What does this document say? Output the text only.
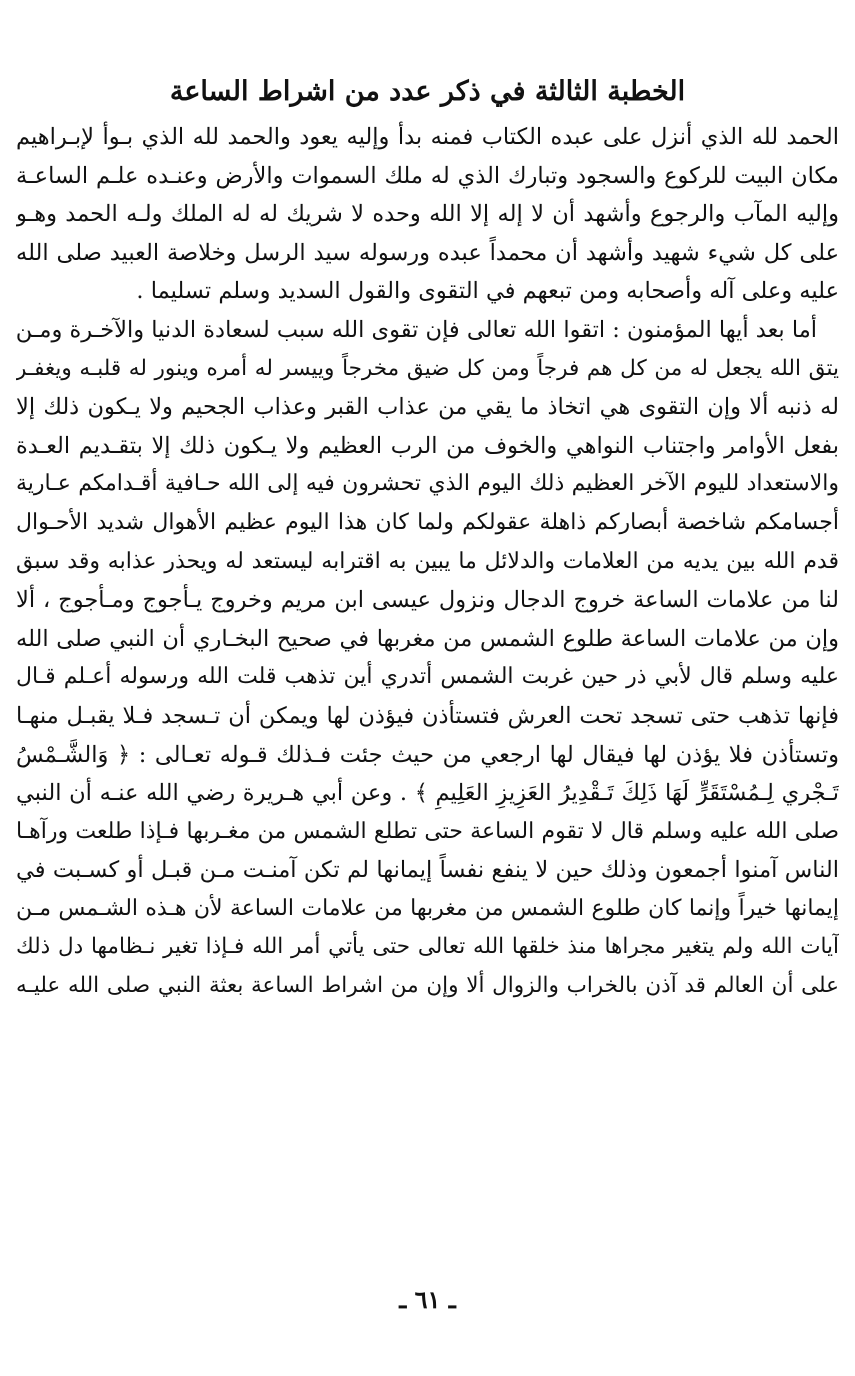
الخطبة الثالثة في ذكر عدد من اشراط الساعة
الحمد لله الذي أنزل على عبده الكتاب فمنه بدأ وإليه يعود والحمد لله الذي بـوأ لإبـراهيم
مكان البيت للركوع والسجود وتبارك الذي له ملك السموات والأرض وعنـده علـم الساعـة
وإليه المآب والرجوع وأشهد أن لا إله إلا الله وحده لا شريك له له الملك ولـه الحمد وهـو
على كل شيء شهيد وأشهد أن محمداً عبده ورسوله سيد الرسل وخلاصة العبيد صلى الله
عليه وعلى آله وأصحابه ومن تبعهم في التقوى والقول السديد وسلم تسليما .
أما بعد أيها المؤمنون : اتقوا الله تعالى فإن تقوى الله سبب لسعادة الدنيا والآخـرة ومـن
يتق الله يجعل له من كل هم فرجاً ومن كل ضيق مخرجاً وييسر له أمره وينور له قلبـه ويغفـر
له ذنبه ألا وإن التقوى هي اتخاذ ما يقي من عذاب القبر وعذاب الجحيم ولا يـكون ذلك إلا
بفعل الأوامر واجتناب النواهي والخوف من الرب العظيم ولا يـكون ذلك إلا بتقـديم العـدة
والاستعداد لليوم الآخر العظيم ذلك اليوم الذي تحشرون فيه إلى الله حـافية أقـدامكم عـارية
أجسامكم شاخصة أبصاركم ذاهلة عقولكم ولما كان هذا اليوم عظيم الأهوال شديد الأحـوال
قدم الله بين يديه من العلامات والدلائل ما يبين به اقترابه ليستعد له ويحذر عذابه وقد سبق
لنا من علامات الساعة خروج الدجال ونزول عيسى ابن مريم وخروج يـأجوج ومـأجوج ، ألا
وإن من علامات الساعة طلوع الشمس من مغربها في صحيح البخـاري أن النبي صلى الله
عليه وسلم قال لأبي ذر حين غربت الشمس أتدري أين تذهب قلت الله ورسوله أعـلم قـال
فإنها تذهب حتى تسجد تحت العرش فتستأذن فيؤذن لها ويمكن أن تـسجد فـلا يقبـل منهـا
وتستأذن فلا يؤذن لها فيقال لها ارجعي من حيث جئت فـذلك قـوله تعـالى : ﴿ وَالشَّـمْسُ
تَـجْري لِـمُسْتَقَرٍّ لَهَا ذَلِكَ تَـقْدِيرُ العَزِيزِ العَلِيمِ ﴾ . وعن أبي هـريرة رضي الله عنـه أن النبي
صلى الله عليه وسلم قال لا تقوم الساعة حتى تطلع الشمس من مغـربها فـإذا طلعت ورآهـا
الناس آمنوا أجمعون وذلك حين لا ينفع نفساً إيمانها لم تكن آمنـت مـن قبـل أو كسـبت في
إيمانها خيراً وإنما كان طلوع الشمس من مغربها من علامات الساعة لأن هـذه الشـمس مـن
آيات الله ولم يتغير مجراها منذ خلقها الله تعالى حتى يأتي أمر الله فـإذا تغير نـظامها دل ذلك
على أن العالم قد آذن بالخراب والزوال ألا وإن من اشراط الساعة بعثة النبي صلى الله عليـه
ـ ٦١ ـ
